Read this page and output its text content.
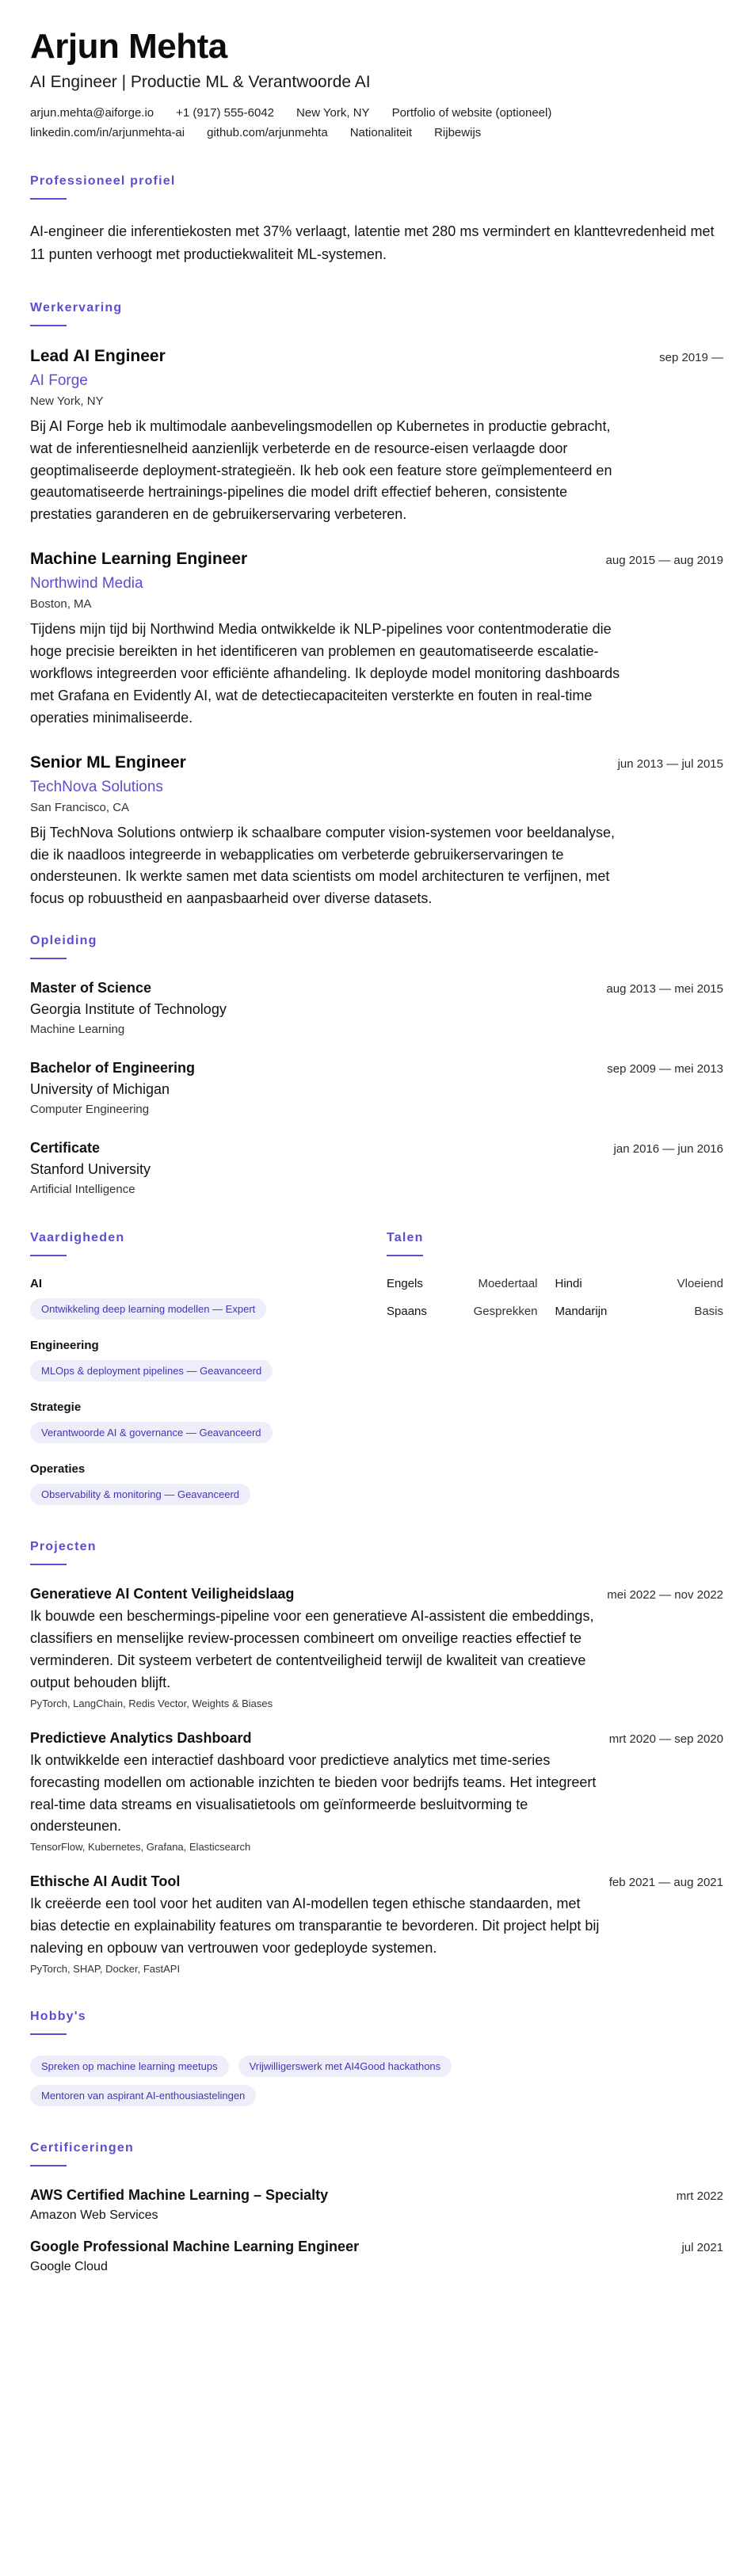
Arjun Mehta
AI Engineer | Productie ML & Verantwoorde AI
arjun.mehta@aiforge.io +1 (917) 555-6042 New York, NY Portfolio of website (optioneel)
linkedin.com/in/arjunmehta-ai github.com/arjunmehta Nationaliteit Rijbewijs
Professioneel profiel
AI-engineer die inferentiekosten met 37% verlaagt, latentie met 280 ms vermindert en klanttevredenheid met 11 punten verhoogt met productiekwaliteit ML-systemen.
Werkervaring
Lead AI Engineer	sep 2019 —
AI Forge
New York, NY
Bij AI Forge heb ik multimodale aanbevelingsmodellen op Kubernetes in productie gebracht, wat de inferentiesnelheid aanzienlijk verbeterde en de resource-eisen verlaagde door geoptimaliseerde deployment-strategieën. Ik heb ook een feature store geïmplementeerd en geautomatiseerde hertrainings-pipelines die model drift effectief beheren, consistente prestaties garanderen en de gebruikerservaring verbeteren.
Machine Learning Engineer	aug 2015 — aug 2019
Northwind Media
Boston, MA
Tijdens mijn tijd bij Northwind Media ontwikkelde ik NLP-pipelines voor contentmoderatie die hoge precisie bereikten in het identificeren van problemen en geautomatiseerde escalatie-workflows integreerden voor efficiënte afhandeling. Ik deployde model monitoring dashboards met Grafana en Evidently AI, wat de detectiecapaciteiten versterkte en fouten in real-time operaties minimaliseerde.
Senior ML Engineer	jun 2013 — jul 2015
TechNova Solutions
San Francisco, CA
Bij TechNova Solutions ontwierp ik schaalbare computer vision-systemen voor beeldanalyse, die ik naadloos integreerde in webapplicaties om verbeterde gebruikerservaringen te ondersteunen. Ik werkte samen met data scientists om model architecturen te verfijnen, met focus op robuustheid en aanpasbaarheid over diverse datasets.
Opleiding
Master of Science	aug 2013 — mei 2015
Georgia Institute of Technology
Machine Learning
Bachelor of Engineering	sep 2009 — mei 2013
University of Michigan
Computer Engineering
Certificate	jan 2016 — jun 2016
Stanford University
Artificial Intelligence
Vaardigheden
AI
Ontwikkeling deep learning modellen — Expert
Engineering
MLOps & deployment pipelines — Geavanceerd
Strategie
Verantwoorde AI & governance — Geavanceerd
Operaties
Observability & monitoring — Geavanceerd
Talen
Engels	Moedertaal	Hindi	Vloeiend
Spaans	Gesprekken	Mandarijn	Basis
Projecten
Generatieve AI Content Veiligheidslaag	mei 2022 — nov 2022
Ik bouwde een beschermings-pipeline voor een generatieve AI-assistent die embeddings, classifiers en menselijke review-processen combineert om onveilige reacties effectief te verminderen. Dit systeem verbetert de contentveiligheid terwijl de kwaliteit van creatieve output behouden blijft.
PyTorch, LangChain, Redis Vector, Weights & Biases
Predictieve Analytics Dashboard	mrt 2020 — sep 2020
Ik ontwikkelde een interactief dashboard voor predictieve analytics met time-series forecasting modellen om actionable inzichten te bieden voor bedrijfs teams. Het integreert real-time data streams en visualisatietools om geïnformeerde besluitvorming te ondersteunen.
TensorFlow, Kubernetes, Grafana, Elasticsearch
Ethische AI Audit Tool	feb 2021 — aug 2021
Ik creëerde een tool voor het auditen van AI-modellen tegen ethische standaarden, met bias detectie en explainability features om transparantie te bevorderen. Dit project helpt bij naleving en opbouw van vertrouwen voor gedeployde systemen.
PyTorch, SHAP, Docker, FastAPI
Hobby's
Spreken op machine learning meetups	Vrijwilligerswerk met AI4Good hackathons
Mentoren van aspirant AI-enthousiastelingen
Certificeringen
AWS Certified Machine Learning – Specialty	mrt 2022
Amazon Web Services
Google Professional Machine Learning Engineer	jul 2021
Google Cloud
